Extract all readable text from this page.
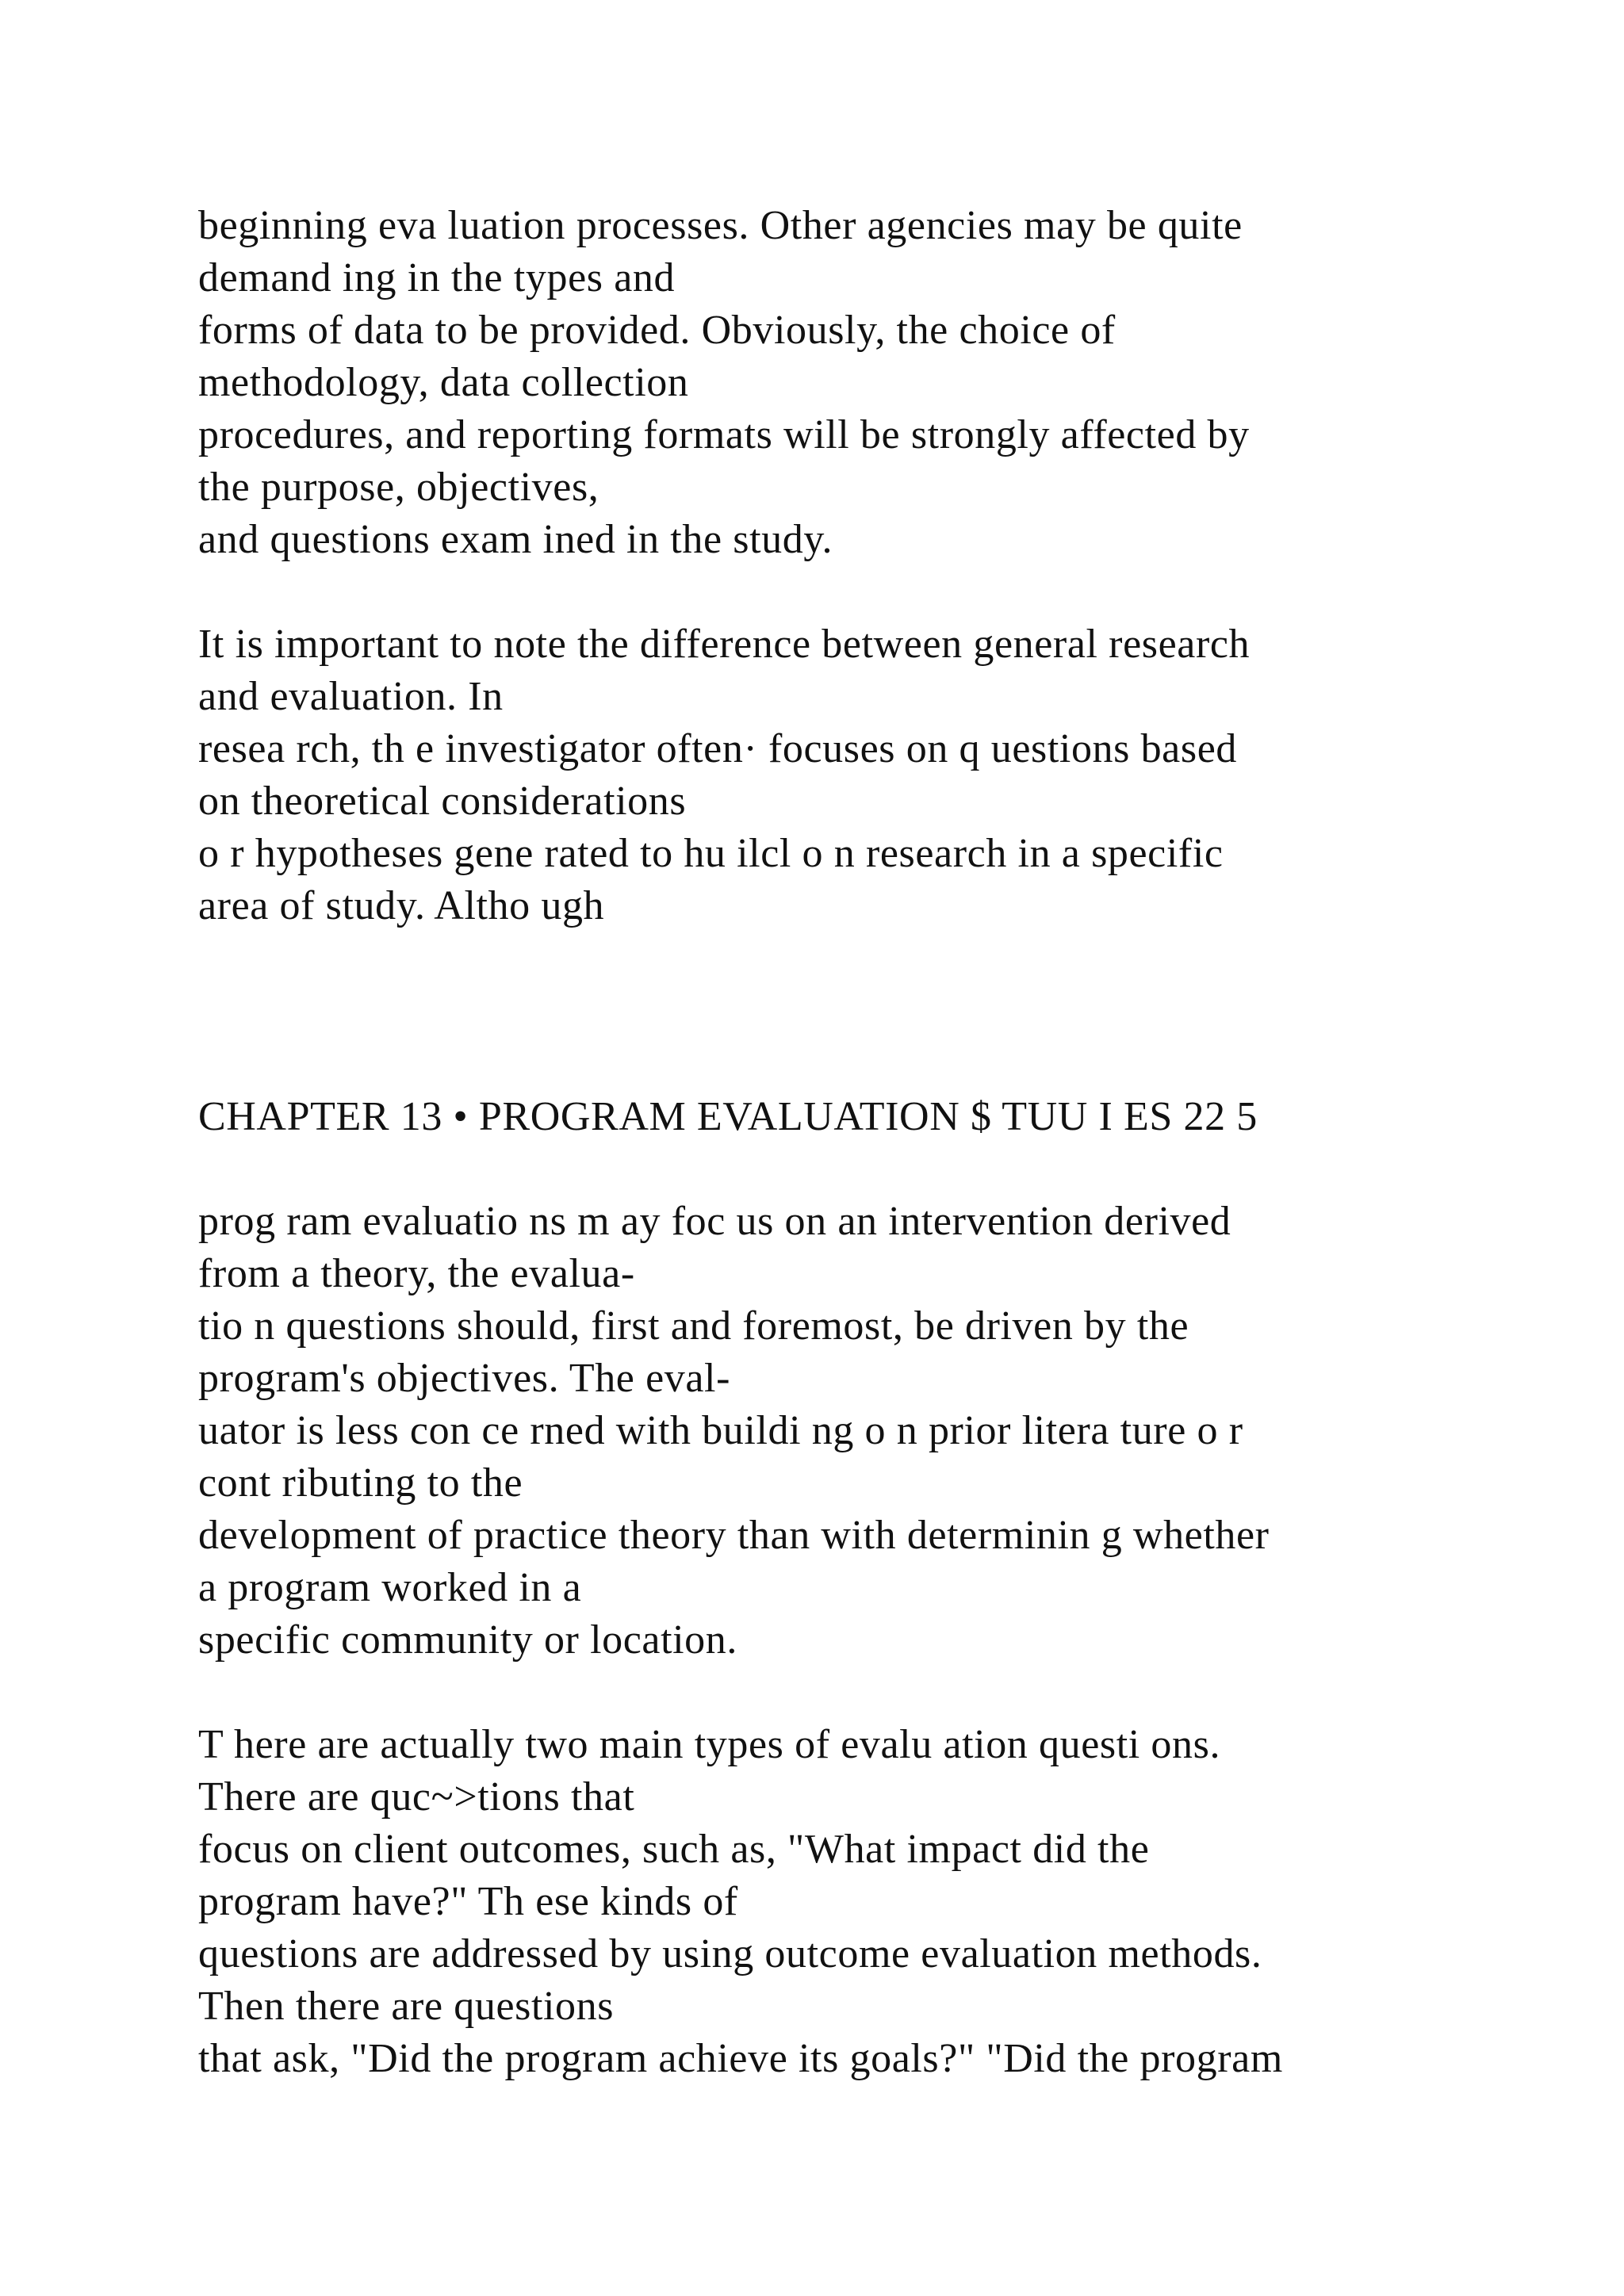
beginning eva luation processes. Other agencies may be quite
demand ing in the types and
forms of data to be provided. Obviously, the choice of
methodology, data collection
procedures, and reporting formats will be strongly affected by
the purpose, objectives,
and questions exam ined in the study.

It is important to note the difference between general research
and evaluation. In
resea rch, th e investigator often· focuses on q uestions based
on theoretical considerations
o r hypotheses gene rated to hu ilcl o n research in a specific
area of study. Altho ugh

CHAPTER 13 • PROGRAM EVALUATION $ TUU I ES 22 5

prog ram evaluatio ns m ay foc us on an intervention derived
from a theory, the evalua-
tio n questions should, first and foremost, be driven by the
program's objectives. The eval-
uator is less con ce rned with buildi ng o n prior litera ture o r
cont ributing to the
development of practice theory than with determinin g whether
a program worked in a
specific community or location.

T here are actually two main types of evalu ation questi ons.
There are quc~>tions that
focus on client outcomes, such as, "What impact did the
program have?" Th ese kinds of
questions are addressed by using outcome evaluation methods.
Then there are questions
that ask, "Did the program achieve its goals?" "Did the program
